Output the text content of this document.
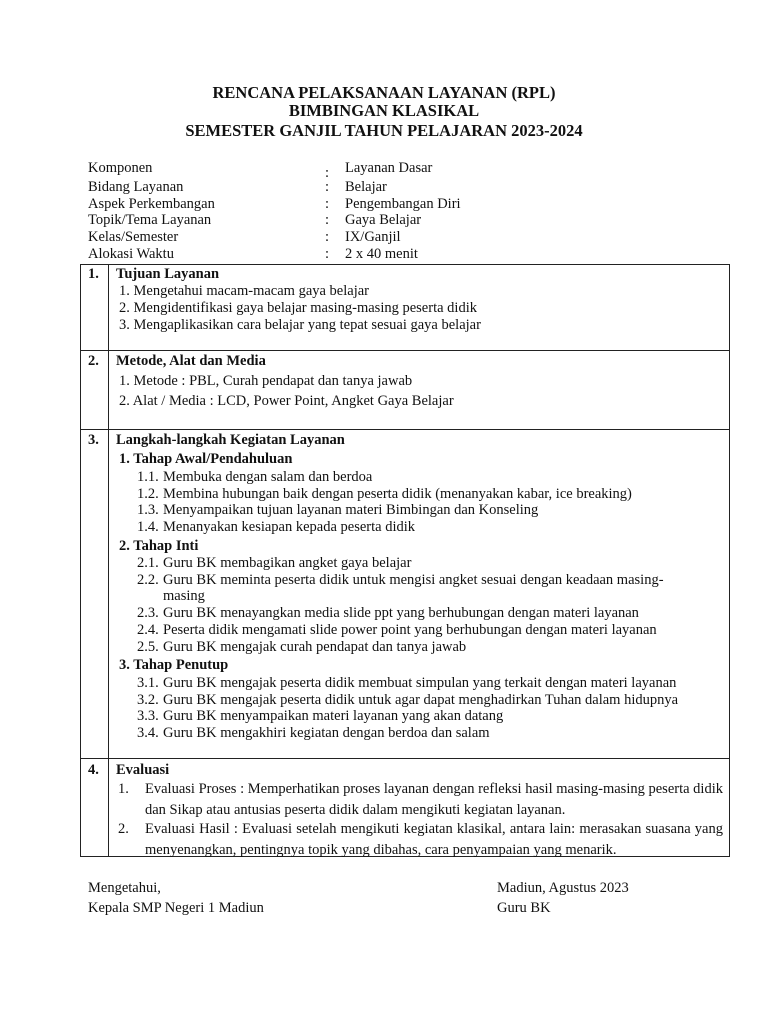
RENCANA PELAKSANAAN LAYANAN (RPL)
BIMBINGAN KLASIKAL
SEMESTER GANJIL TAHUN PELAJARAN 2023-2024
Komponen	: Layanan Dasar
Bidang Layanan	: Belajar
Aspek Perkembangan	: Pengembangan Diri
Topik/Tema Layanan	: Gaya Belajar
Kelas/Semester	: IX/Ganjil
Alokasi Waktu	: 2 x 40 menit
1. Tujuan Layanan
1. Mengetahui macam-macam gaya belajar
2. Mengidentifikasi gaya belajar masing-masing peserta didik
3. Mengaplikasikan cara belajar yang tepat sesuai gaya belajar
2. Metode, Alat dan Media
1. Metode : PBL, Curah pendapat dan tanya jawab
2. Alat / Media : LCD, Power Point, Angket Gaya Belajar
3. Langkah-langkah Kegiatan Layanan
1. Tahap Awal/Pendahuluan
1.1. Membuka dengan salam dan berdoa
1.2. Membina hubungan baik dengan peserta didik (menanyakan kabar, ice breaking)
1.3. Menyampaikan tujuan layanan materi Bimbingan dan Konseling
1.4. Menanyakan kesiapan kepada peserta didik
2. Tahap Inti
2.1. Guru BK membagikan angket gaya belajar
2.2. Guru BK meminta peserta didik untuk mengisi angket sesuai dengan keadaan masing-
masing
2.3. Guru BK menayangkan media slide ppt yang berhubungan dengan materi layanan
2.4. Peserta didik mengamati slide power point yang berhubungan dengan materi layanan
2.5. Guru BK mengajak curah pendapat dan tanya jawab
3. Tahap Penutup
3.1. Guru BK mengajak peserta didik membuat simpulan yang terkait dengan materi layanan
3.2. Guru BK mengajak peserta didik untuk agar dapat menghadirkan Tuhan dalam hidupnya
3.3. Guru BK menyampaikan materi layanan yang akan datang
3.4. Guru BK mengakhiri kegiatan dengan berdoa dan salam
4. Evaluasi
1. Evaluasi Proses : Memperhatikan proses layanan dengan refleksi hasil masing-masing peserta didik dan Sikap atau antusias peserta didik dalam mengikuti kegiatan layanan.
2. Evaluasi Hasil : Evaluasi setelah mengikuti kegiatan klasikal, antara lain: merasakan suasana yang menyenangkan, pentingnya topik yang dibahas, cara penyampaian yang menarik.
Mengetahui,
Kepala SMP Negeri 1 Madiun
Madiun, Agustus 2023
Guru BK
